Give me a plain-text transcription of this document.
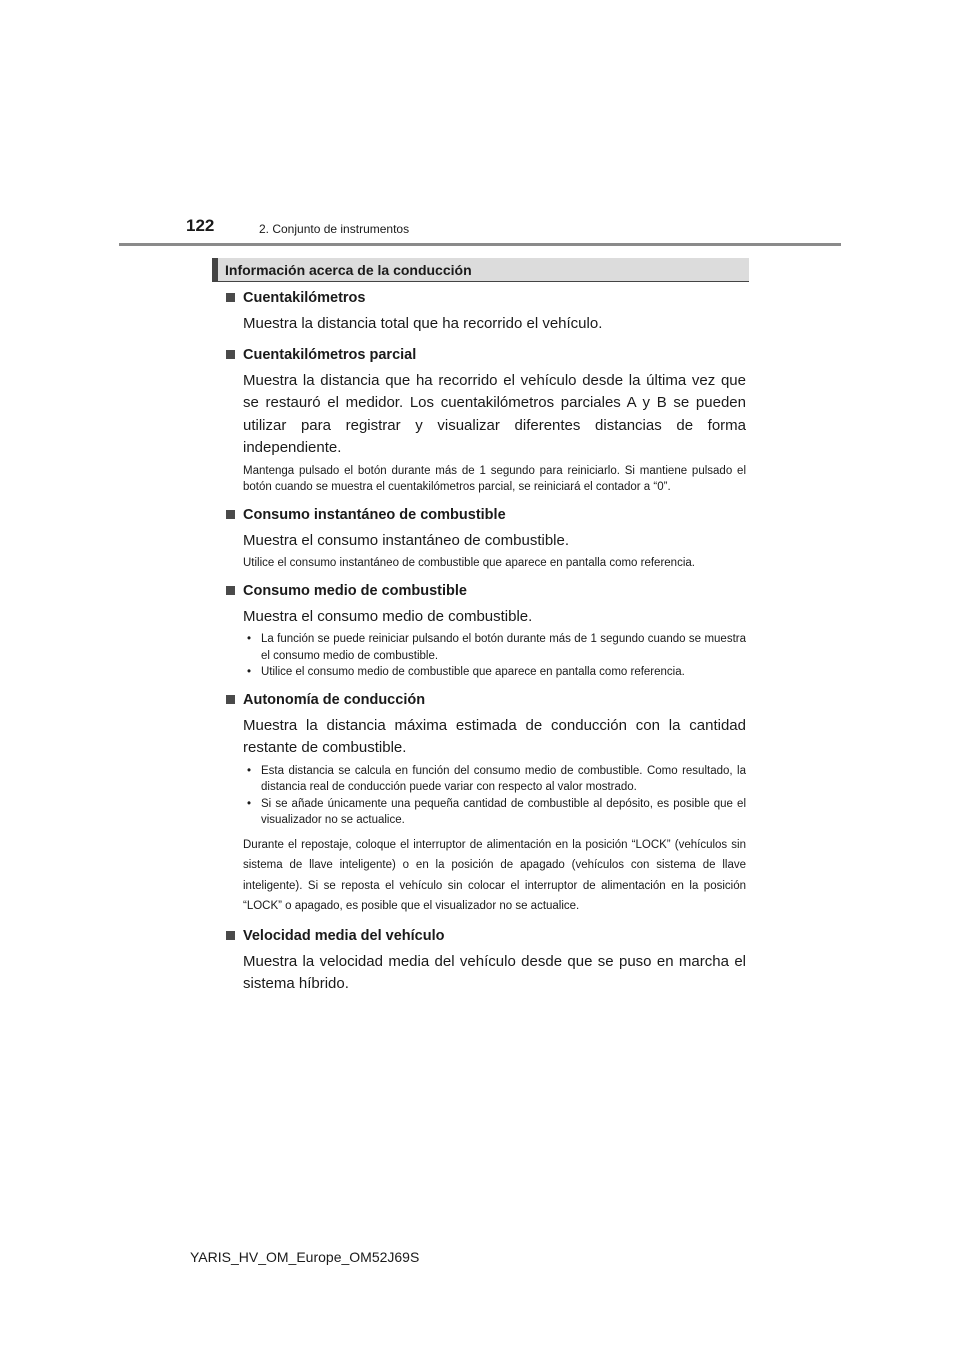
122	2. Conjunto de instrumentos
Información acerca de la conducción
Cuentakilómetros
Muestra la distancia total que ha recorrido el vehículo.
Cuentakilómetros parcial
Muestra la distancia que ha recorrido el vehículo desde la última vez que se restauró el medidor. Los cuentakilómetros parciales A y B se pueden utilizar para registrar y visualizar diferentes distancias de forma independiente.
Mantenga pulsado el botón durante más de 1 segundo para reiniciarlo. Si mantiene pulsado el botón cuando se muestra el cuentakilómetros parcial, se reiniciará el contador a “0”.
Consumo instantáneo de combustible
Muestra el consumo instantáneo de combustible.
Utilice el consumo instantáneo de combustible que aparece en pantalla como referencia.
Consumo medio de combustible
Muestra el consumo medio de combustible.
• La función se puede reiniciar pulsando el botón durante más de 1 segundo cuando se muestra el consumo medio de combustible.
• Utilice el consumo medio de combustible que aparece en pantalla como referencia.
Autonomía de conducción
Muestra la distancia máxima estimada de conducción con la cantidad restante de combustible.
• Esta distancia se calcula en función del consumo medio de combustible. Como resultado, la distancia real de conducción puede variar con respecto al valor mostrado.
• Si se añade únicamente una pequeña cantidad de combustible al depósito, es posible que el visualizador no se actualice.
Durante el repostaje, coloque el interruptor de alimentación en la posición “LOCK” (vehículos sin sistema de llave inteligente) o en la posición de apagado (vehículos con sistema de llave inteligente). Si se reposta el vehículo sin colocar el interruptor de alimentación en la posición “LOCK” o apagado, es posible que el visualizador no se actualice.
Velocidad media del vehículo
Muestra la velocidad media del vehículo desde que se puso en marcha el sistema híbrido.
YARIS_HV_OM_Europe_OM52J69S
